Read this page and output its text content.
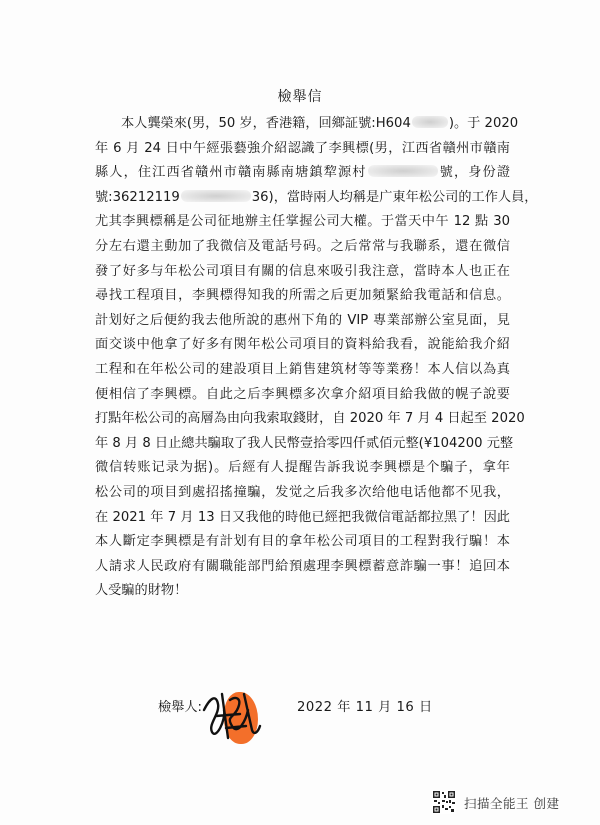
檢舉信
本人龔榮來(男，50 岁，香港籍，回鄉証號:H604	)。于 2020
年 6 月 24 日中午經張藝強介紹認識了李興標(男，江西省贛州市贛南
縣人，住江西省贛州市贛南縣南塘鎮犂源村	號，身份證
號:36212119	36)，當時兩人均稱是广東年松公司的工作人員，
尤其李興標稱是公司征地辦主任掌握公司大權。于當天中午 12 點 30
分左右還主動加了我微信及電話号码。之后常常与我聯系，還在微信
發了好多与年松公司項目有關的信息來吸引我注意，當時本人也正在
尋找工程項目，李興標得知我的所需之后更加頻緊給我電話和信息。
計划好之后便約我去他所說的惠州下角的 VIP 專業部辦公室見面，見
面交谈中他拿了好多有関年松公司項目的資料給我看，說能給我介紹
工程和在年松公司的建設項目上銷售建筑材等等業務！本人信以為真
便相信了李興標。自此之后李興標多次拿介紹項目給我做的幌子說要
打點年松公司的高層為由向我索取錢財，自 2020 年 7 月 4 日起至 2020
年 8 月 8 日止總共騙取了我人民幣壹拾零四仟贰佰元整(¥104200 元整
微信转账记录为据)。后經有人提醒告訴我说李興標是个騙子，拿年
松公司的项目到處招搖撞騙，发觉之后我多次给他电话他都不见我，
在 2021 年 7 月 13 日又我他的時他已經把我微信電話都拉黑了！因此
本人斷定李興標是有計划有目的拿年松公司項目的工程對我行騙！本
人請求人民政府有關職能部門給預處理李興標蓄意詐騙一事！追回本
人受騙的財物！
檢舉人:	2022 年 11 月 16 日
扫描全能王 创建
